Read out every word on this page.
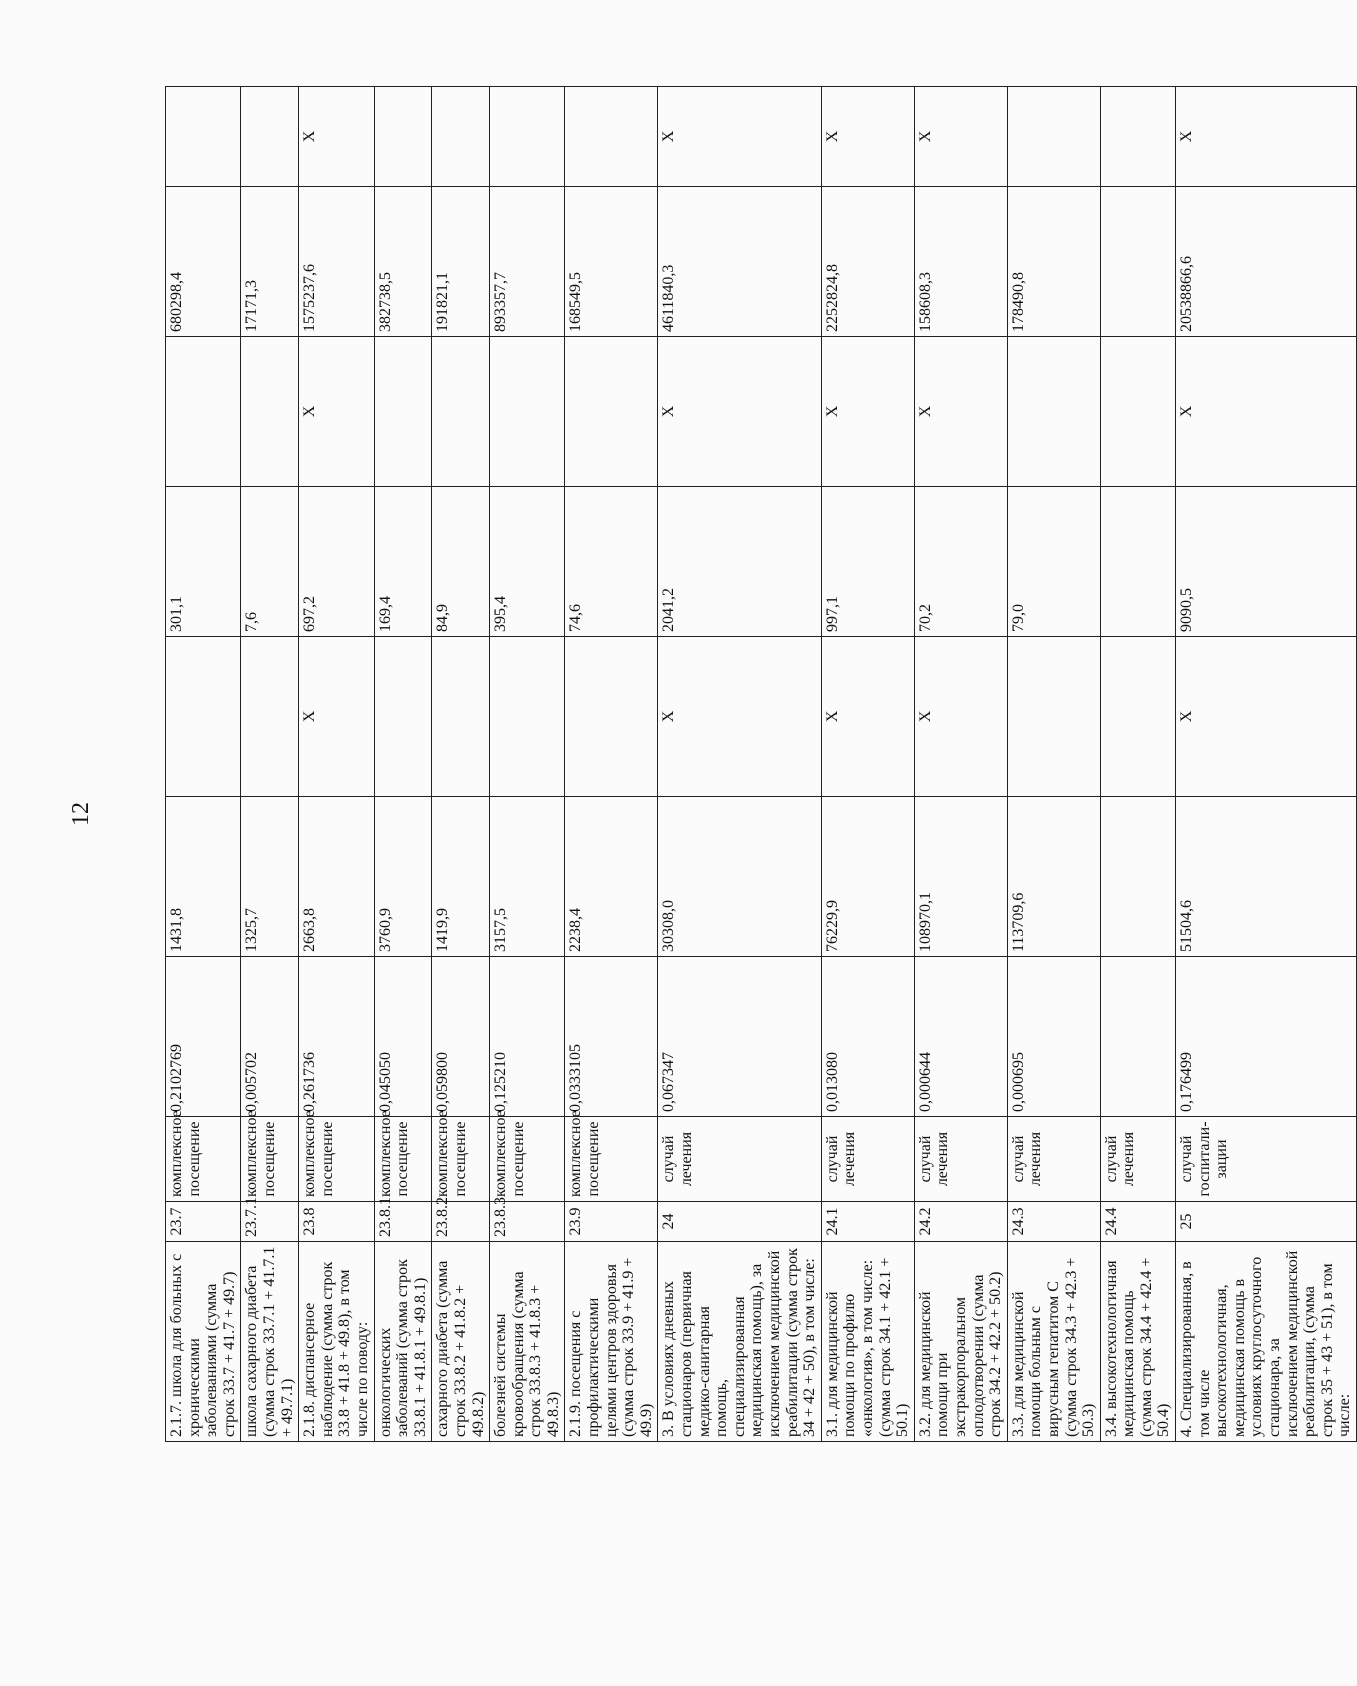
12
2.1.7. школа для больных с хроническими заболеваниями (сумма строк 33.7 + 41.7 + 49.7)	23.7	комплексное посещение	0,2102769	1431,8		301,1		680298,4	
школа сахарного диабета (сумма строк 33.7.1 + 41.7.1 + 49.7.1)	23.7.1	комплексное посещение	0,005702	1325,7		7,6		17171,3	
2.1.8. диспансерное наблюдение (сумма строк 33.8 + 41.8 + 49.8), в том числе по поводу:	23.8	комплексное посещение	0,261736	2663,8	Х	697,2	Х	1575237,6	Х
онкологических заболеваний (сумма строк 33.8.1 + 41.8.1 + 49.8.1)	23.8.1	комплексное посещение	0,045050	3760,9		169,4		382738,5	
сахарного диабета (сумма строк 33.8.2 + 41.8.2 + 49.8.2)	23.8.2	комплексное посещение	0,059800	1419,9		84,9		191821,1	
болезней системы кровообращения (сумма строк 33.8.3 + 41.8.3 + 49.8.3)	23.8.3	комплексное посещение	0,125210	3157,5		395,4		893357,7	
2.1.9. посещения с профилактическими целями центров здоровья (сумма строк 33.9 + 41.9 + 49.9)	23.9	комплексное посещение	0,0333105	2238,4		74,6		168549,5	
3. В условиях дневных стационаров (первичная медико-санитарная помощь, специализированная медицинская помощь), за исключением медицинской реабилитации (сумма строк 34 + 42 + 50), в том числе:	24	случай лечения	0,067347	30308,0	Х	2041,2	Х	4611840,3	Х
3.1. для медицинской помощи по профилю «онкология», в том числе: (сумма строк 34.1 + 42.1 + 50.1)	24.1	случай лечения	0,013080	76229,9	Х	997,1	Х	2252824,8	Х
3.2. для медицинской помощи при экстракорпоральном оплодотворении (сумма строк 34.2 + 42.2 + 50.2)	24.2	случай лечения	0,000644	108970,1	Х	70,2	Х	158608,3	Х
3.3. для медицинской помощи больным с вирусным гепатитом С (сумма строк 34.3 + 42.3 + 50.3)	24.3	случай лечения	0,000695	113709,6		79,0		178490,8	
3.4. высокотехнологичная медицинская помощь (сумма строк 34.4 + 42.4 + 50.4)	24.4	случай лечения							
4. Специализированная, в том числе высокотехнологичная, медицинская помощь в условиях круглосуточного стационара, за исключением медицинской реабилитации, (сумма строк 35 + 43 + 51), в том числе:	25	случай госпитали-зации	0,176499	51504,6	Х	9090,5	Х	20538866,6	Х
